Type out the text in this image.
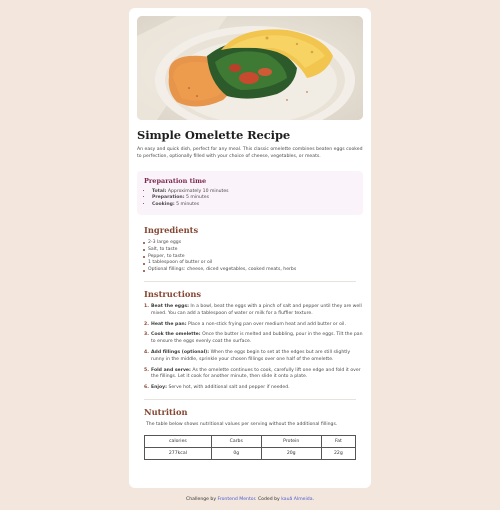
Simple Omelette Recipe

An easy and quick dish, perfect for any meal. This classic omelette combines beaten eggs cooked to perfection, optionally filled with your choice of cheese, vegetables, or meats.

Preparation time
• Total: Approximately 10 minutes
• Preparation: 5 minutes
• Cooking: 5 minutes
Ingredients
2-3 large eggs
Salt, to taste
Pepper, to taste
1 tablespoon of butter or oil
Optional fillings: cheese, diced vegetables, cooked meats, herbs
Instructions
1. Beat the eggs: In a bowl, beat the eggs with a pinch of salt and pepper until they are well mixed. You can add a tablespoon of water or milk for a fluffier texture.
2. Heat the pan: Place a non-stick frying pan over medium heat and add butter or oil.
3. Cook the omelette: Once the butter is melted and bubbling, pour in the eggs. Tilt the pan to ensure the eggs evenly coat the surface.
4. Add fillings (optional): When the eggs begin to set at the edges but are still slightly runny in the middle, sprinkle your chosen fillings over one half of the omelette.
5. Fold and serve: As the omelette continues to cook, carefully lift one edge and fold it over the fillings. Let it cook for another minute, then slide it onto a plate.
6. Enjoy: Serve hot, with additional salt and pepper if needed.
Nutrition

The table below shows nutritional values per serving without the additional fillings.

calories	Carbs	Protein	Fat
277kcal	0g	20g	22g
Challenge by Frontend Mentor. Coded by kauã Almeida.
